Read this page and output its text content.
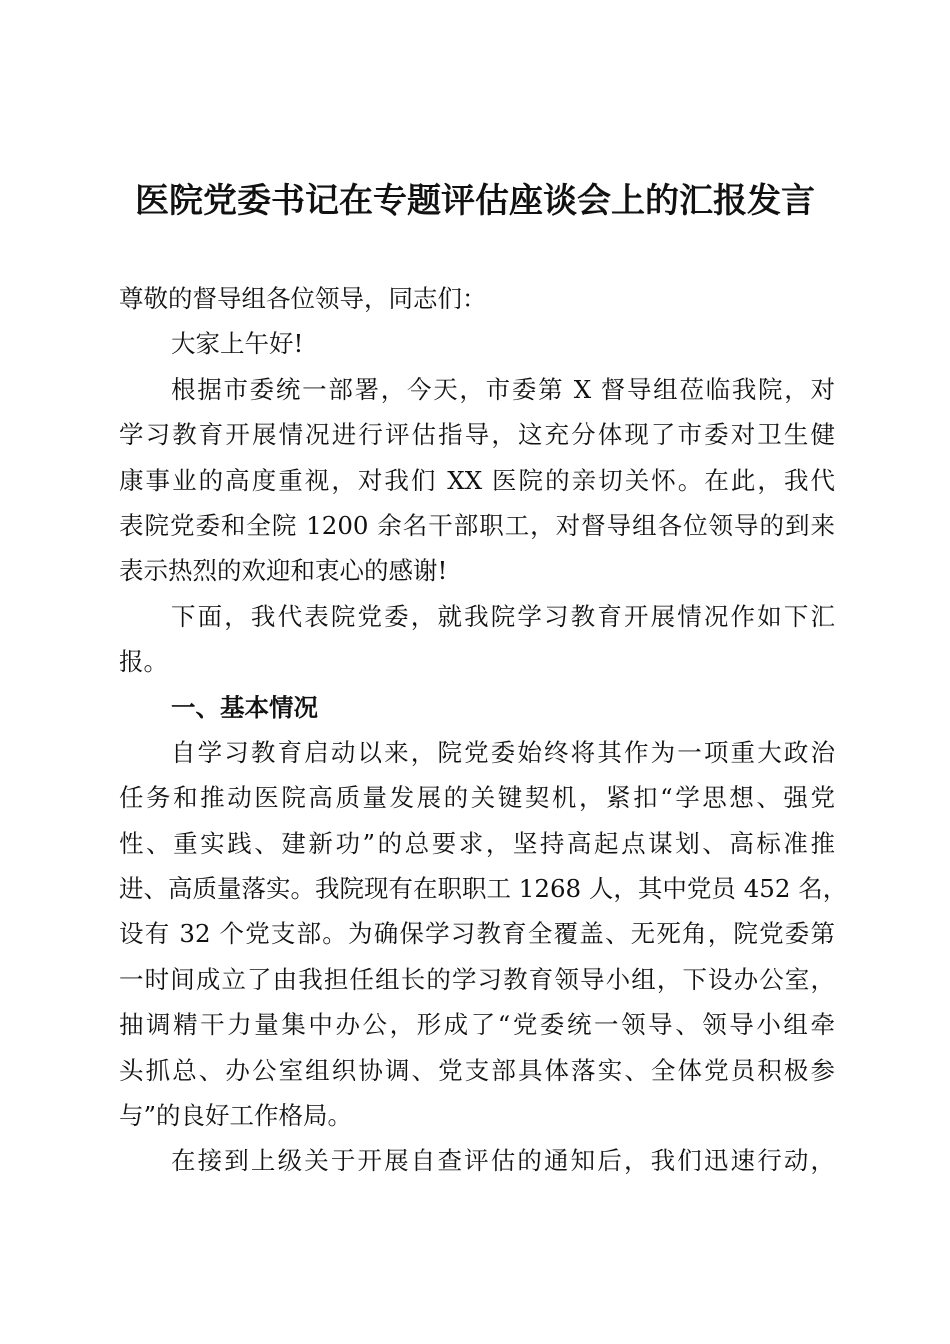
医院党委书记在专题评估座谈会上的汇报发言
尊敬的督导组各位领导，同志们：
大家上午好!
根据市委统一部署，今天，市委第 X 督导组莅临我院，对
学习教育开展情况进行评估指导，这充分体现了市委对卫生健
康事业的高度重视，对我们 XX 医院的亲切关怀。在此，我代
表院党委和全院 1200 余名干部职工，对督导组各位领导的到来
表示热烈的欢迎和衷心的感谢!
下面，我代表院党委，就我院学习教育开展情况作如下汇
报。
一、基本情况
自学习教育启动以来，院党委始终将其作为一项重大政治
任务和推动医院高质量发展的关键契机，紧扣“学思想、强党
性、重实践、建新功”的总要求，坚持高起点谋划、高标准推
进、高质量落实。我院现有在职职工 1268 人，其中党员 452 名，
设有 32 个党支部。为确保学习教育全覆盖、无死角，院党委第
一时间成立了由我担任组长的学习教育领导小组，下设办公室，
抽调精干力量集中办公，形成了“党委统一领导、领导小组牵
头抓总、办公室组织协调、党支部具体落实、全体党员积极参
与”的良好工作格局。
在接到上级关于开展自查评估的通知后，我们迅速行动，
